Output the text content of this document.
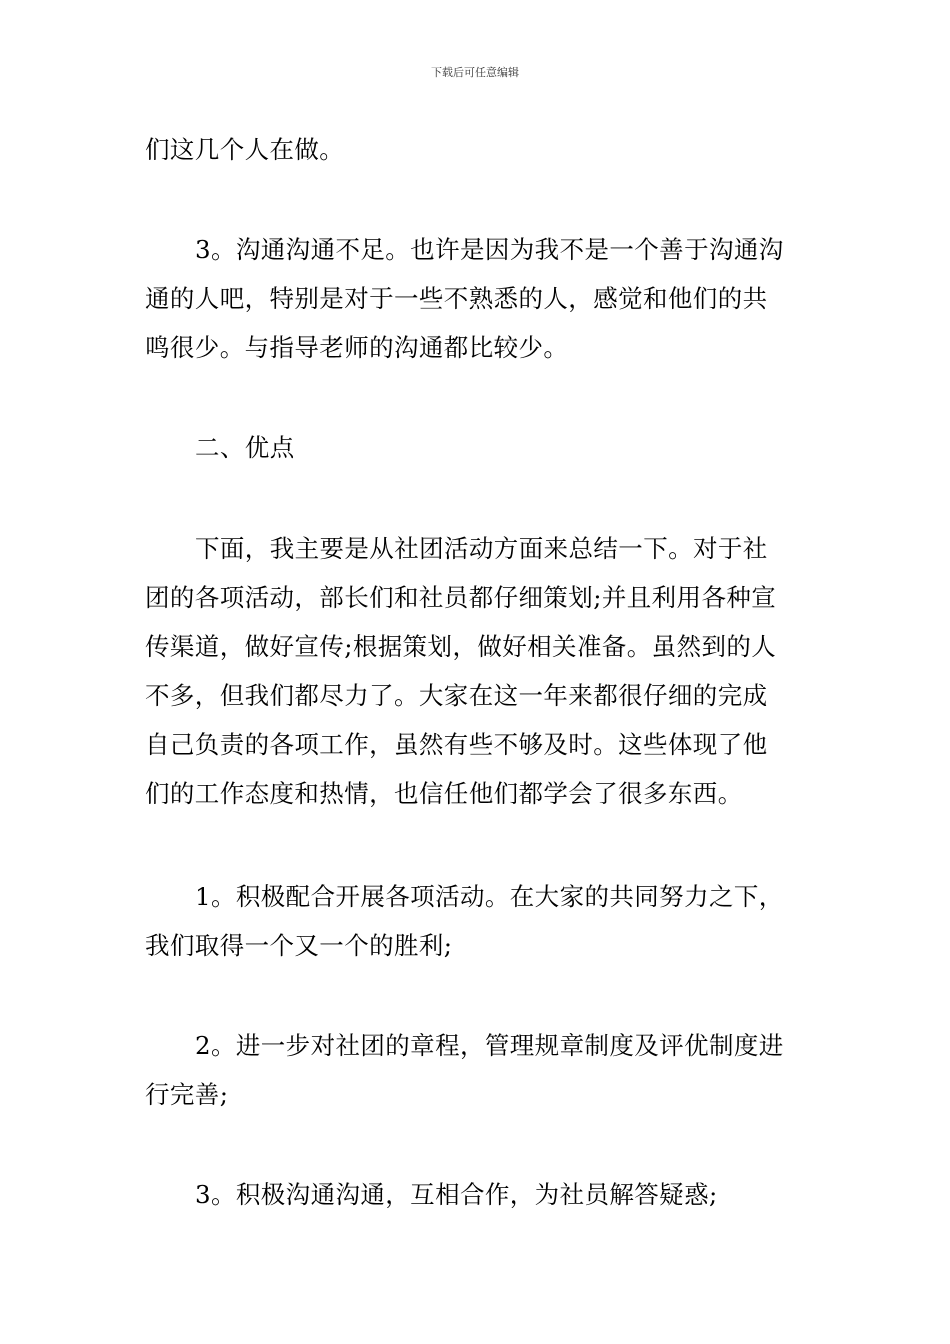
下载后可任意编辑

们这几个人在做。

3。沟通沟通不足。也许是因为我不是一个善于沟通沟
通的人吧，特别是对于一些不熟悉的人，感觉和他们的共
鸣很少。与指导老师的沟通都比较少。

二、优点

下面，我主要是从社团活动方面来总结一下。对于社
团的各项活动，部长们和社员都仔细策划;并且利用各种宣
传渠道，做好宣传;根据策划，做好相关准备。虽然到的人
不多，但我们都尽力了。大家在这一年来都很仔细的完成
自己负责的各项工作，虽然有些不够及时。这些体现了他
们的工作态度和热情，也信任他们都学会了很多东西。

1。积极配合开展各项活动。在大家的共同努力之下，
我们取得一个又一个的胜利;

2。进一步对社团的章程，管理规章制度及评优制度进
行完善;

3。积极沟通沟通，互相合作，为社员解答疑惑;
